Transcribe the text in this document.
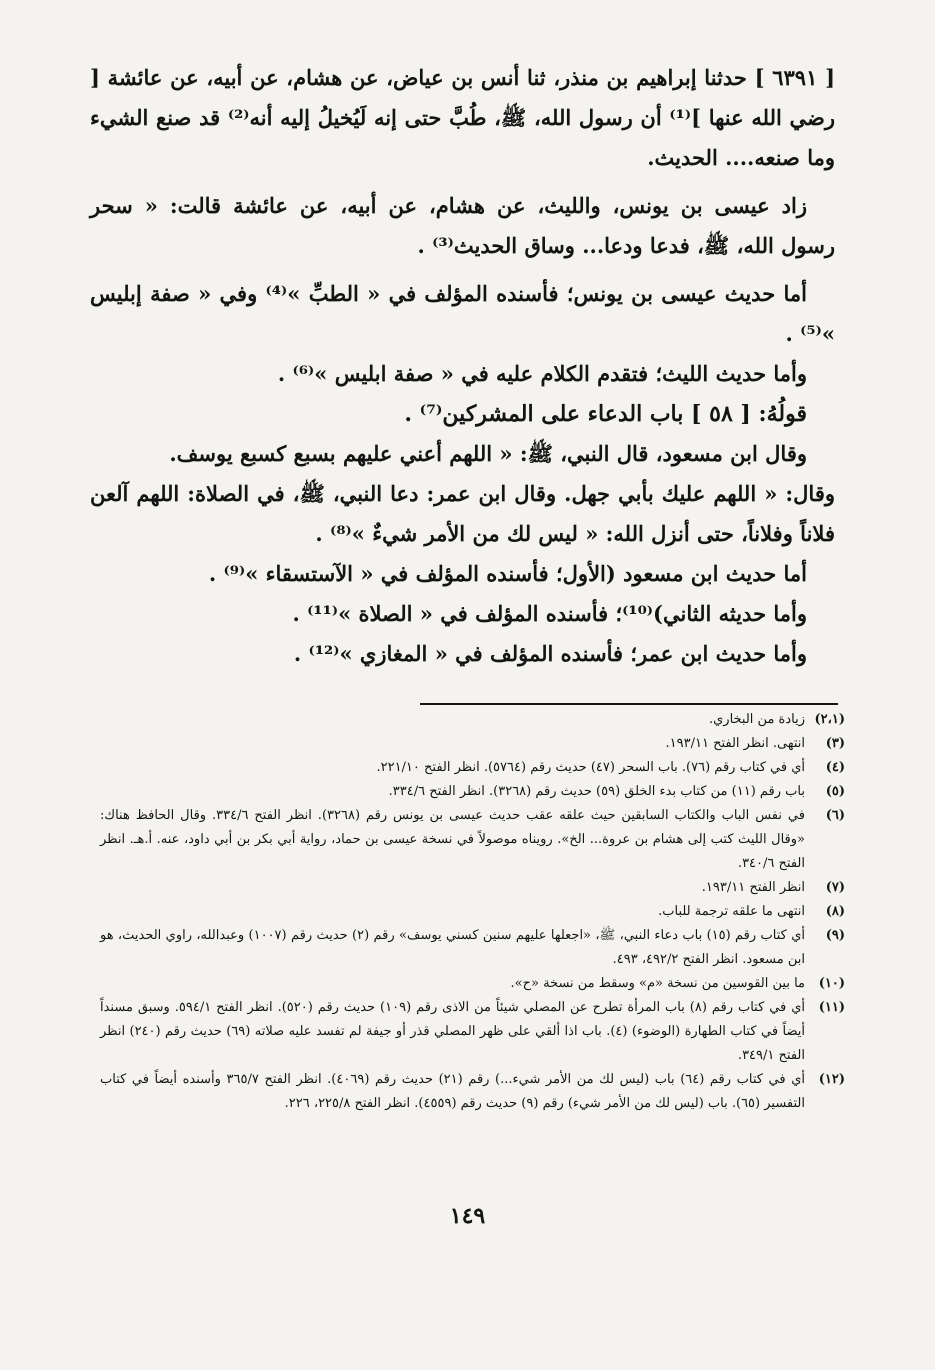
[ ٦٣٩١ ] حدثنا إبراهيم بن منذر، ثنا أنس بن عياض، عن هشام، عن أبيه، عن عائشة [ رضي الله عنها ]⁽¹⁾ أن رسول الله، ﷺ، طُبَّ حتى إنه لَيُخيلُ إليه أنه⁽²⁾ قد صنع الشيء وما صنعه.... الحديث.

زاد عيسى بن يونس، والليث، عن هشام، عن أبيه، عن عائشة قالت: « سحر رسول الله، ﷺ، فدعا ودعا... وساق الحديث⁽³⁾ .

أما حديث عيسى بن يونس؛ فأسنده المؤلف في « الطبِّ »⁽⁴⁾ وفي « صفة إبليس »⁽⁵⁾ .

وأما حديث الليث؛ فتقدم الكلام عليه في « صفة ابليس »⁽⁶⁾ .

قولُهُ: [ ٥٨ ] باب الدعاء على المشركين⁽⁷⁾ .

وقال ابن مسعود، قال النبي، ﷺ: « اللهم أعني عليهم بسبع كسبع يوسف.

وقال: « اللهم عليك بأبي جهل. وقال ابن عمر: دعا النبي، ﷺ، في الصلاة: اللهم آلعن فلاناً وفلاناً، حتى أنزل الله: « ليس لك من الأمر شيءٌ »⁽⁸⁾ .

أما حديث ابن مسعود (الأول؛ فأسنده المؤلف في « الآستسقاء »⁽⁹⁾ .

وأما حديثه الثاني)⁽¹⁰⁾؛ فأسنده المؤلف في « الصلاة »⁽¹¹⁾ .

وأما حديث ابن عمر؛ فأسنده المؤلف في « المغازي »⁽¹²⁾ .

(٢،١)
زيادة من البخاري.
(٣)
انتهى. انظر الفتح ١٩٣/١١.
(٤)
أي في كتاب رقم (٧٦). باب السحر (٤٧) حديث رقم (٥٧٦٤). انظر الفتح ٢٢١/١٠.
(٥)
باب رقم (١١) من كتاب بدء الخلق (٥٩) حديث رقم (٣٢٦٨). انظر الفتح ٣٣٤/٦.
(٦)
في نفس الباب والكتاب السابقين حيث علقه عقب حديث عيسى بن يونس رقم (٣٢٦٨). انظر الفتح ٣٣٤/٦. وقال الحافظ هناك: «وقال الليث كتب إلى هشام بن عروة... الخ». رويناه موصولاً في نسخة عيسى بن حماد، رواية أبي بكر بن أبي داود، عنه. أ.هـ. انظر الفتح ٣٤٠/٦.
(٧)
انظر الفتح ١٩٣/١١.
(٨)
انتهى ما علقه ترجمة للباب.
(٩)
أي كتاب رقم (١٥) باب دعاء النبي، ﷺ، «اجعلها عليهم سنين كسني يوسف» رقم (٢) حديث رقم (١٠٠٧) وعبدالله، راوي الحديث، هو ابن مسعود. انظر الفتح ٤٩٢/٢، ٤٩٣.
(١٠)
ما بين القوسين من نسخة «م» وسقط من نسخة «ح».
(١١)
أي في كتاب رقم (٨) باب المرأة تطرح عن المصلي شيئاً من الاذى رقم (١٠٩) حديث رقم (٥٢٠). انظر الفتح ٥٩٤/١. وسبق مسنداً أيضاً في كتاب الطهارة (الوضوء) (٤). باب اذا ألقي على ظهر المصلي قذر أو جيفة لم تفسد عليه صلاته (٦٩) حديث رقم (٢٤٠) انظر الفتح ٣٤٩/١.
(١٢)
أي في كتاب رقم (٦٤) باب (ليس لك من الأمر شيء...) رقم (٢١) حديث رقم (٤٠٦٩). انظر الفتح ٣٦٥/٧ وأسنده أيضاً في كتاب التفسير (٦٥). باب (ليس لك من الأمر شيء) رقم (٩) حديث رقم (٤٥٥٩). انظر الفتح ٢٢٥/٨، ٢٢٦.
١٤٩
